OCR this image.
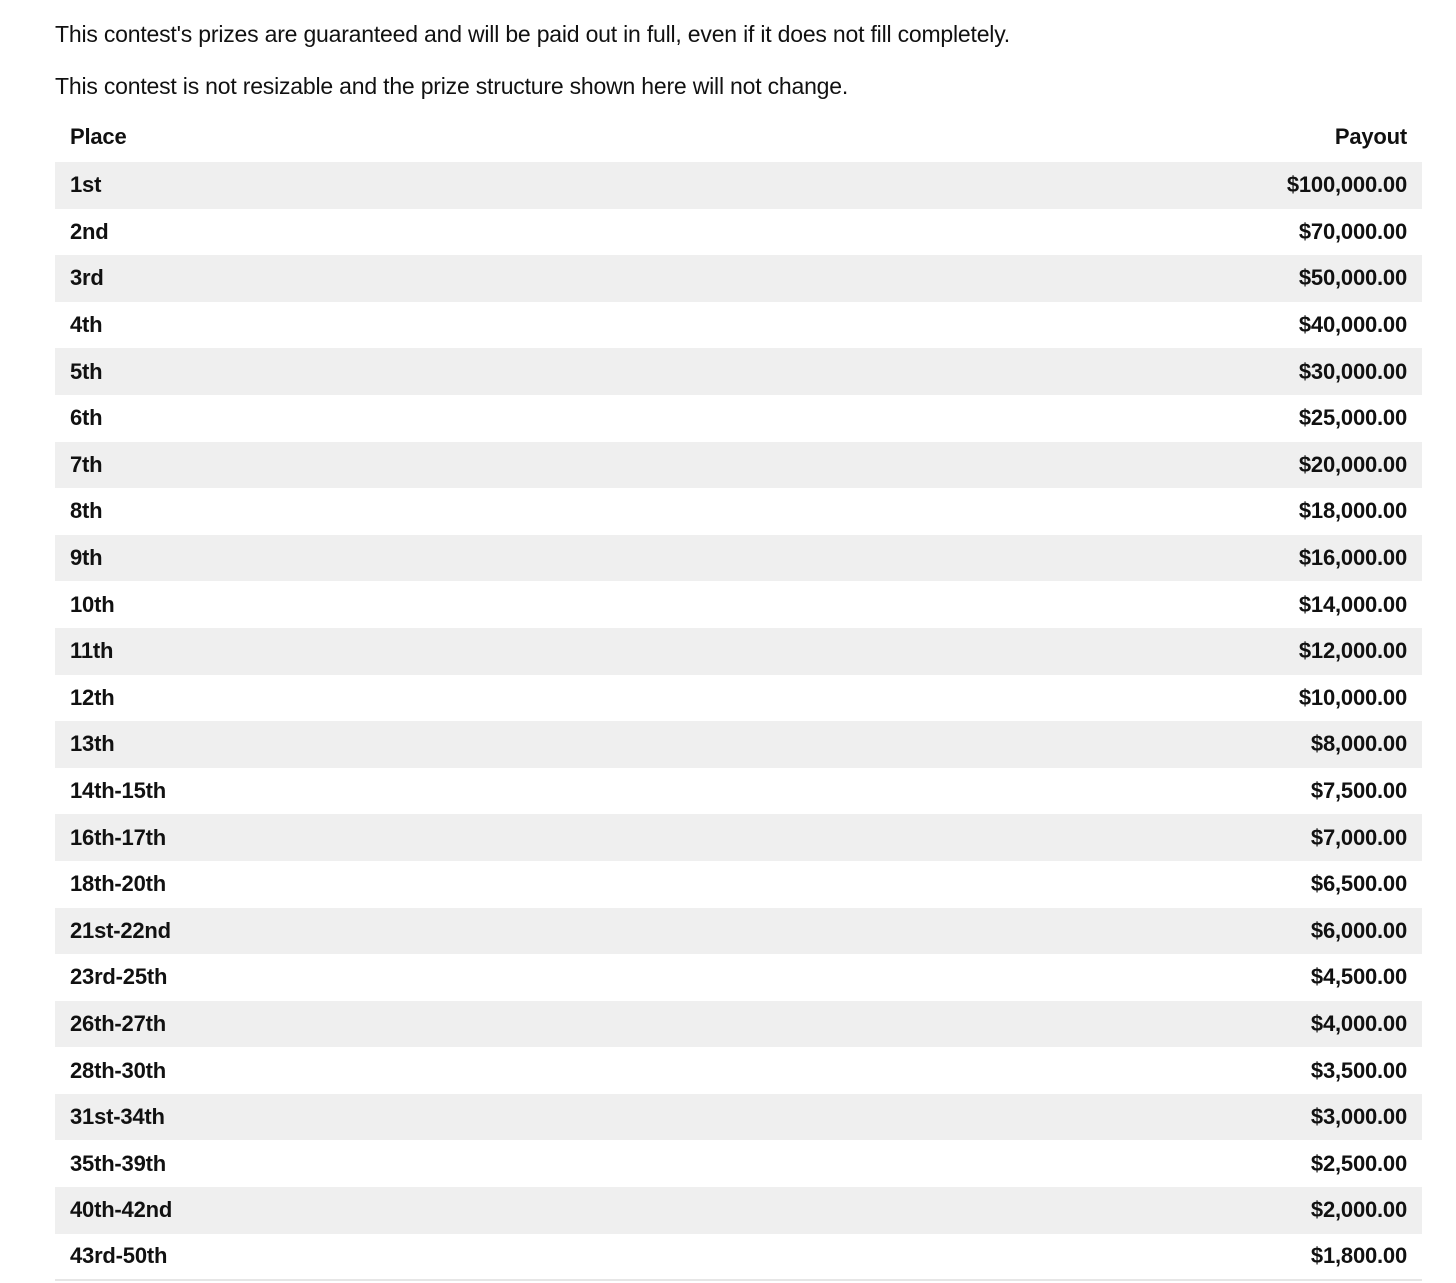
This contest's prizes are guaranteed and will be paid out in full, even if it does not fill completely.

This contest is not resizable and the prize structure shown here will not change.

Place	Payout
1st	$100,000.00
2nd	$70,000.00
3rd	$50,000.00
4th	$40,000.00
5th	$30,000.00
6th	$25,000.00
7th	$20,000.00
8th	$18,000.00
9th	$16,000.00
10th	$14,000.00
11th	$12,000.00
12th	$10,000.00
13th	$8,000.00
14th-15th	$7,500.00
16th-17th	$7,000.00
18th-20th	$6,500.00
21st-22nd	$6,000.00
23rd-25th	$4,500.00
26th-27th	$4,000.00
28th-30th	$3,500.00
31st-34th	$3,000.00
35th-39th	$2,500.00
40th-42nd	$2,000.00
43rd-50th	$1,800.00
